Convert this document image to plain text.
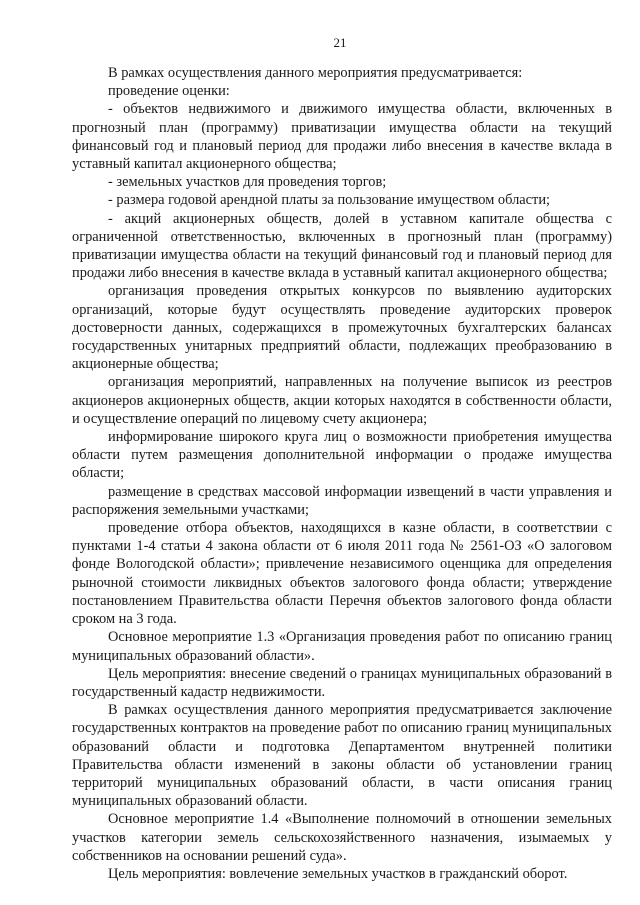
21

В рамках осуществления данного мероприятия предусматривается:

проведение оценки:

- объектов недвижимого и движимого имущества области, включенных в прогнозный план (программу) приватизации имущества области на текущий финансовый год и плановый период для продажи либо внесения в качестве вклада в уставный капитал акционерного общества;

- земельных участков для проведения торгов;

- размера годовой арендной платы за пользование имуществом области;

- акций акционерных обществ, долей в уставном капитале общества с ограниченной ответственностью, включенных в прогнозный план (программу) приватизации имущества области на текущий финансовый год и плановый период для продажи либо внесения в качестве вклада в уставный капитал акционерного общества;

организация проведения открытых конкурсов по выявлению аудиторских организаций, которые будут осуществлять проведение аудиторских проверок достоверности данных, содержащихся в промежуточных бухгалтерских балансах государственных унитарных предприятий области, подлежащих преобразованию в акционерные общества;

организация мероприятий, направленных на получение выписок из реестров акционеров акционерных обществ, акции которых находятся в собственности области, и осуществление операций по лицевому счету акционера;

информирование широкого круга лиц о возможности приобретения имущества области путем размещения дополнительной информации о продаже имущества области;

размещение в средствах массовой информации извещений в части управления и распоряжения земельными участками;

проведение отбора объектов, находящихся в казне области, в соответствии с пунктами 1-4 статьи 4 закона области от 6 июля 2011 года № 2561-ОЗ «О залоговом фонде Вологодской области»; привлечение независимого оценщика для определения рыночной стоимости ликвидных объектов залогового фонда области; утверждение постановлением Правительства области Перечня объектов залогового фонда области сроком на 3 года.

Основное мероприятие 1.3 «Организация проведения работ по описанию границ муниципальных образований области».

Цель мероприятия: внесение сведений о границах муниципальных образований в государственный кадастр недвижимости.

В рамках осуществления данного мероприятия предусматривается заключение государственных контрактов на проведение работ по описанию границ муниципальных образований области и подготовка Департаментом внутренней политики Правительства области изменений в законы области об установлении границ территорий муниципальных образований области, в части описания границ муниципальных образований области.

Основное мероприятие 1.4 «Выполнение полномочий в отношении земельных участков категории земель сельскохозяйственного назначения, изымаемых у собственников на основании решений суда».

Цель мероприятия: вовлечение земельных участков в гражданский оборот.
